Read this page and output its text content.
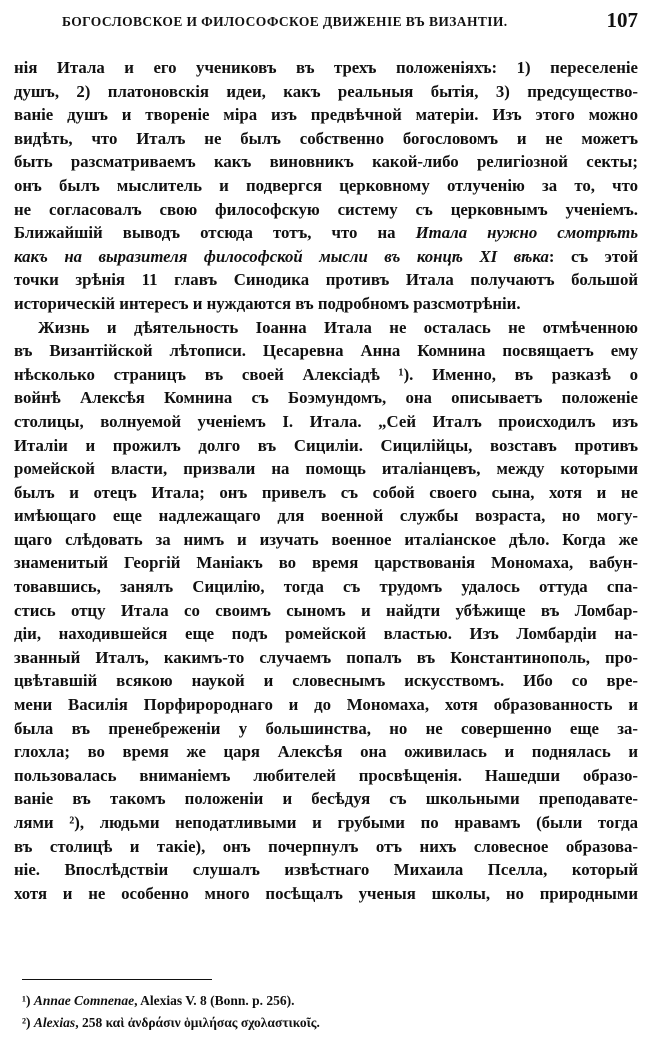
БОГОСЛОВСКОЕ И ФИЛОСОФСКОЕ ДВИЖЕНІЕ ВЪ ВИЗАНТІИ.	107
нія Итала и его учениковъ въ трехъ положеніяхъ: 1) переселеніе
душъ, 2) платоновскія идеи, какъ реальныя бытія, 3) предсущество-
ваніе душъ и твореніе міра изъ предвѣчной матеріи. Изъ этого можно
видѣть, что Италъ не былъ собственно богословомъ и не можетъ
быть разсматриваемъ какъ виновникъ какой-либо религіозной секты;
онъ былъ мыслитель и подвергся церковному отлученію за то, что
не согласовалъ свою философскую систему съ церковнымъ ученіемъ.
Ближайшій выводъ отсюда тотъ, что на Итала нужно смотрѣть
какъ на выразителя философской мысли въ концѣ XI вѣка: съ этой
точки зрѣнія 11 главъ Синодика противъ Итала получаютъ большой
историческій интересъ и нуждаются въ подробномъ разсмотрѣніи.
Жизнь и дѣятельность Іоанна Итала не осталась не отмѣченною
въ Византійской лѣтописи. Цесаревна Анна Комнина посвящаетъ ему
нѣсколько страницъ въ своей Алексіадѣ ¹). Именно, въ разказѣ о
войнѣ Алексѣя Комнина съ Боэмундомъ, она описываетъ положеніе
столицы, волнуемой ученіемъ І. Итала. „Сей Италъ происходилъ изъ
Италіи и прожилъ долго въ Сициліи. Сицилійцы, возставъ противъ
ромейской власти, призвали на помощь италіанцевъ, между которыми
былъ и отецъ Итала; онъ привелъ съ собой своего сына, хотя и не
имѣющаго еще надлежащаго для военной службы возраста, но могу-
щаго слѣдовать за нимъ и изучать военное италіанское дѣло. Когда же
знаменитый Георгій Маніакъ во время царствованія Мономаха, вабун-
товавшись, занялъ Сицилію, тогда съ трудомъ удалось оттуда спа-
стись отцу Итала со своимъ сыномъ и найдти убѣжище въ Ломбар-
діи, находившейся еще подъ ромейской властью. Изъ Ломбардіи на-
званный Италъ, какимъ-то случаемъ попалъ въ Константинополь, про-
цвѣтавшій всякою наукой и словеснымъ искусствомъ. Ибо со вре-
мени Василія Порфиророднаго и до Мономаха, хотя образованность и
была въ пренебреженіи у большинства, но не совершенно еще за-
глохла; во время же царя Алексѣя она оживилась и поднялась и
пользовалась вниманіемъ любителей просвѣщенія. Нашедши образо-
ваніе въ такомъ положеніи и бесѣдуя съ школьными преподавате-
лями ²), людьми неподатливыми и грубыми по нравамъ (были тогда
въ столицѣ и такіе), онъ почерпнулъ отъ нихъ словесное образова-
ніе. Впослѣдствіи слушалъ извѣстнаго Михаила Пселла, который
хотя и не особенно много посѣщалъ ученыя школы, но природными
¹) Annae Comnenae, Alexias V. 8 (Bonn. p. 256).
²) Alexias, 258 καὶ ἀνδράσιν ὁμιλήσας σχολαστικοῖς.
